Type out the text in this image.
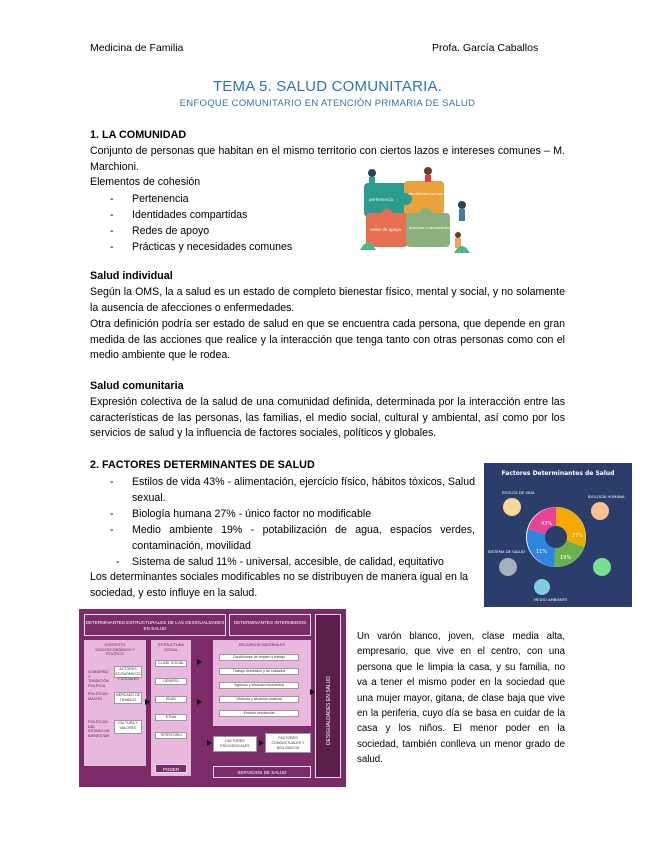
Medicina de Familia	Profa. García Caballos
TEMA 5. SALUD COMUNITARIA.
ENFOQUE COMUNITARIO EN ATENCIÓN PRIMARIA DE SALUD
1. LA COMUNIDAD
Conjunto de personas que habitan en el mismo territorio con ciertos lazos e intereses comunes – M. Marchioni.
Elementos de cohesión
- Pertenencia
- Identidades compartidas
- Redes de apoyo
- Prácticas y necesidades comunes
pertenencia
identidades compartidas
redes de apoyo prácticas y necesidades comunes
Salud individual
Según la OMS, la a salud es un estado de completo bienestar físico, mental y social, y no solamente la ausencia de afecciones o enfermedades.
Otra definición podría ser estado de salud en que se encuentra cada persona, que depende en gran medida de las acciones que realice y la interacción que tenga tanto con otras personas como con el medio ambiente que le rodea.
Salud comunitaria
Expresión colectiva de la salud de una comunidad definida, determinada por la interacción entre las características de las personas, las familias, el medio social, cultural y ambiental, así como por los servicios de salud y la influencia de factores sociales, políticos y globales.
2. FACTORES DETERMINANTES DE SALUD
-	Estilos de vida 43% - alimentación, ejercicio físico, hábitos tóxicos, Salud sexual.
-	Biología humana 27% - único factor no modificable
-	Medio ambiente 19% - potabilización de agua, espacios verdes, contaminación, movilidad
-	Sistema de salud 11% - universal, accesible, de calidad, equitativo
Los determinantes sociales modificables no se distribuyen de manera igual en la sociedad, y esto influye en la salud.
Factores Determinantes de Salud
43%
27%
11%
19%
ESTILOS DE VIDA
BIOLOGÍA HUMANA
SISTEMA DE SALUD
MEDIO AMBIENTE
DETERMINANTES ESTRUCTURALES DE LAS DESIGUALDADES EN SALUD
DETERMINANTES INTERMEDIOS
CONTEXTO SOCIOECONÓMICO Y POLÍTICO
GOBIERNO Y TRADICIÓN POLÍTICA
ACTORES ECONÓMICOS Y SOCIALES
POLÍTICAS MACRO
MERCADO DE TRABAJO
POLÍTICAS DEL ESTADO DE BIENESTAR
CULTURA Y VALORES
ESTRUCTURA SOCIAL
CLASE SOCIAL
GÉNERO
EDAD
ETNIA
TERRITORIO
PODER
RECURSOS MATERIALES
Condiciones de empleo y trabajo
Trabajo doméstico y de cuidados
Ingresos y situación económica
Vivienda y situación material
Entorno residencial
FACTORES PSICOSOCIALES
FACTORES CONDUCTUALES Y BIOLÓGICOS
SERVICIOS DE SALUD
DESIGUALDADES EN SALUD
Un varón blanco, joven, clase media alta, empresario, que vive en el centro, con una persona que le limpia la casa, y su familia, no va a tener el mismo poder en la sociedad que una mujer mayor, gitana, de clase baja que vive en la periferia, cuyo día se basa en cuidar de la casa y los niños. El menor poder en la sociedad, también conlleva un menor grado de salud.
